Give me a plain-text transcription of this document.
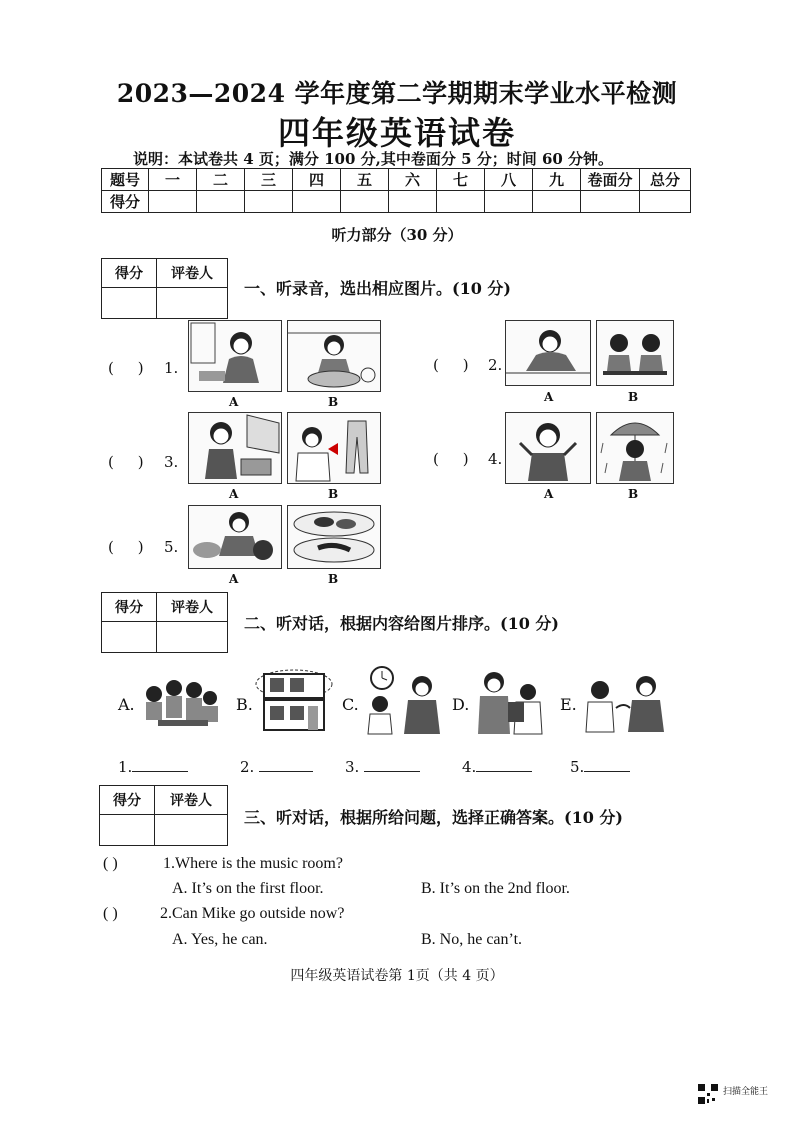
2023—2024 学年度第二学期期末学业水平检测
四年级英语试卷
说明：本试卷共 4 页；满分 100 分,其中卷面分 5 分；时间 60 分钟。
题号	一	二	三	四	五	六	七	八	九	卷面分	总分
得分											
听力部分（30 分）
得分	评卷人

一、听录音，选出相应图片。(10 分)
(     ) 1.
A	B
(     ) 2.
A	B
(     ) 3.
A	B
(     ) 4.
A	B
(     ) 5.
A	B
得分	评卷人

二、听对话，根据内容给图片排序。(10 分)
A.	B.	C.	D.	E.
1.	2.	3.	4.	5.
得分	评卷人

三、听对话，根据所给问题，选择正确答案。(10 分)
( )	1.Where is the music room?
A. It’s on the first floor.	B. It’s on the 2nd floor.
( )	2.Can Mike go outside now?
A. Yes, he can.	B. No, he can’t.
四年级英语试卷第 1页（共 4 页）
扫描全能王
